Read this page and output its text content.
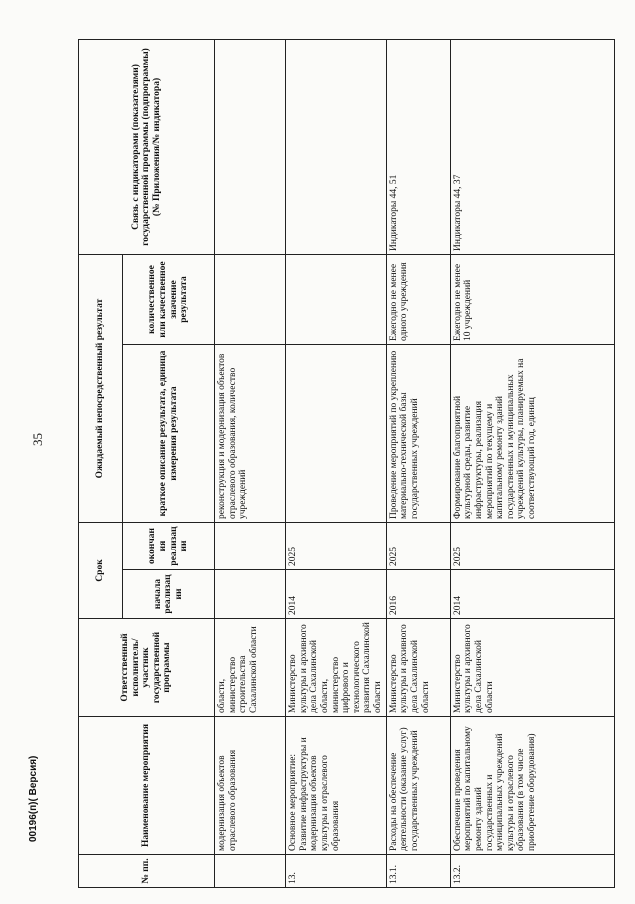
35
00196(п)( Версия)
№ пп.	Наименование мероприятия	Ответственный исполнитель/участник государственной программы	Срок		Ожидаемый непосредственный результат		Связь с индикаторами (показателями) государственной программы (подпрограммы) (№ Приложения/№ индикатора)
			начала реализации	окончания реализации	краткое описание результата, единица измерения результата	количественное или качественное значение результата	
	модернизация объектов отраслевого образования	области, министерство строительства Сахалинской области			реконструкция и модернизация объектов отраслевого образования, количество учреждений		
13.	Основное мероприятие: Развитие инфраструктуры и модернизация объектов культуры и отраслевого образования	Министерство культуры и архивного дела Сахалинской области, министерство цифрового и технологического развития Сахалинской области	2014	2025			
13.1.	Расходы на обеспечение деятельности (оказание услуг) государственных учреждений	Министерство культуры и архивного дела Сахалинской области	2016	2025	Проведение мероприятий по укреплению материально-технической базы государственных учреждений	Ежегодно не менее одного учреждения	Индикаторы 44, 51
13.2.	Обеспечение проведения мероприятий по капитальному ремонту зданий государственных и муниципальных учреждений культуры и отраслевого образования (в том числе приобретение оборудования)	Министерство культуры и архивного дела Сахалинской области	2014	2025	Формирование благоприятной культурной среды, развитие инфраструктуры, реализация мероприятий по текущему и капитальному ремонту зданий государственных и муниципальных учреждений культуры, планируемых на соответствующий год, единиц	Ежегодно не менее 10 учреждений	Индикаторы 44, 37
